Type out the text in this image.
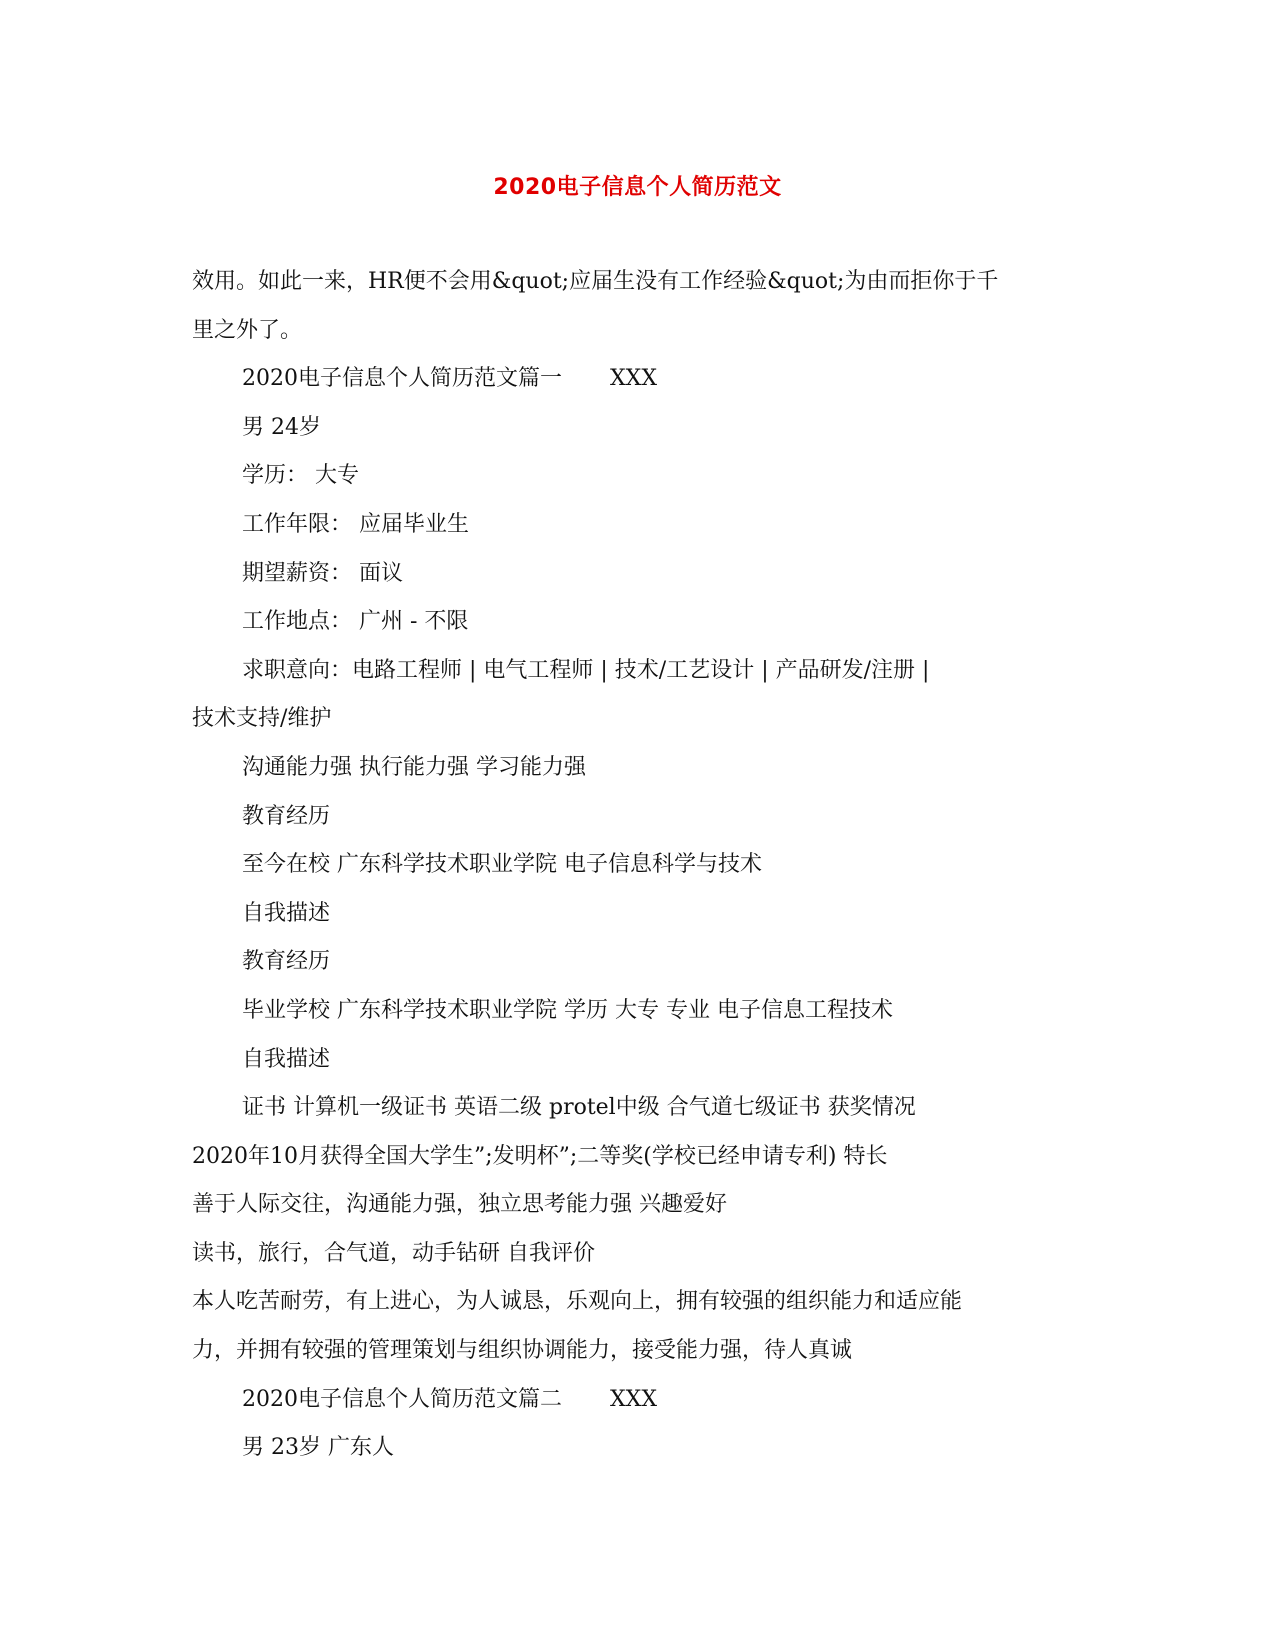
2020电子信息个人简历范文
效用。如此一来，HR便不会用&quot;应届生没有工作经验&quot;为由而拒你于千
里之外了。
2020电子信息个人简历范文篇一 XXX
男 24岁
学历： 大专
工作年限： 应届毕业生
期望薪资： 面议
工作地点： 广州 - 不限
求职意向：电路工程师 | 电气工程师 | 技术/工艺设计 | 产品研发/注册 |
技术支持/维护
沟通能力强 执行能力强 学习能力强
教育经历
至今在校 广东科学技术职业学院 电子信息科学与技术
自我描述
教育经历
毕业学校 广东科学技术职业学院 学历 大专 专业 电子信息工程技术
自我描述
证书 计算机一级证书 英语二级 protel中级 合气道七级证书 获奖情况
2020年10月获得全国大学生”;发明杯”;二等奖(学校已经申请专利) 特长
善于人际交往，沟通能力强，独立思考能力强 兴趣爱好
读书，旅行，合气道，动手钻研 自我评价
本人吃苦耐劳，有上进心，为人诚恳，乐观向上，拥有较强的组织能力和适应能
力，并拥有较强的管理策划与组织协调能力，接受能力强，待人真诚
2020电子信息个人简历范文篇二 XXX
男 23岁 广东人
